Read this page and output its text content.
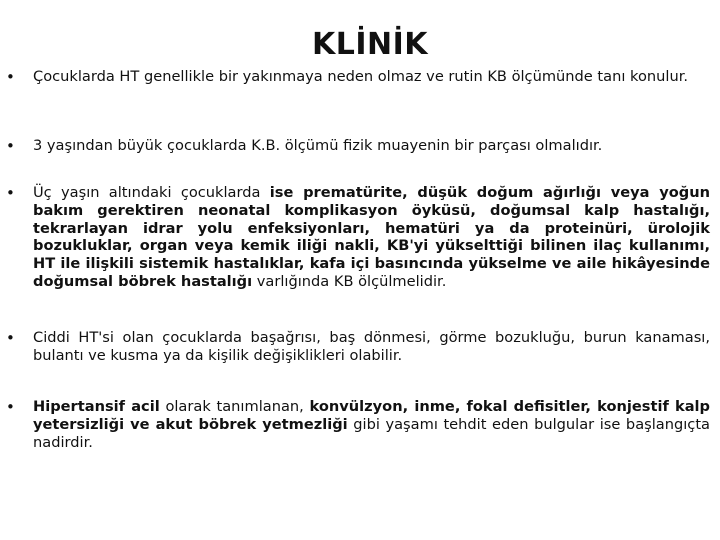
KLİNİK
• Çocuklarda HT genellikle bir yakınmaya neden olmaz ve rutin KB ölçümünde tanı konulur.
• 3 yaşından büyük çocuklarda K.B. ölçümü fizik muayenin bir parçası olmalıdır.
• Üç yaşın altındaki çocuklarda ise prematürite, düşük doğum ağırlığı veya yoğun bakım gerektiren neonatal komplikasyon öyküsü, doğumsal kalp hastalığı, tekrarlayan idrar yolu enfeksiyonları, hematüri ya da proteinüri, ürolojik bozukluklar, organ veya kemik iliği nakli, KB'yi yükselttiği bilinen ilaç kullanımı, HT ile ilişkili sistemik hastalıklar, kafa içi basıncında yükselme ve aile hikâyesinde doğumsal böbrek hastalığı varlığında KB ölçülmelidir.
• Ciddi HT'si olan çocuklarda başağrısı, baş dönmesi, görme bozukluğu, burun kanaması, bulantı ve kusma ya da kişilik değişiklikleri olabilir.
• Hipertansif acil olarak tanımlanan, konvülzyon, inme, fokal defisitler, konjestif kalp yetersizliği ve akut böbrek yetmezliği gibi yaşamı tehdit eden bulgular ise başlangıçta nadirdir.
